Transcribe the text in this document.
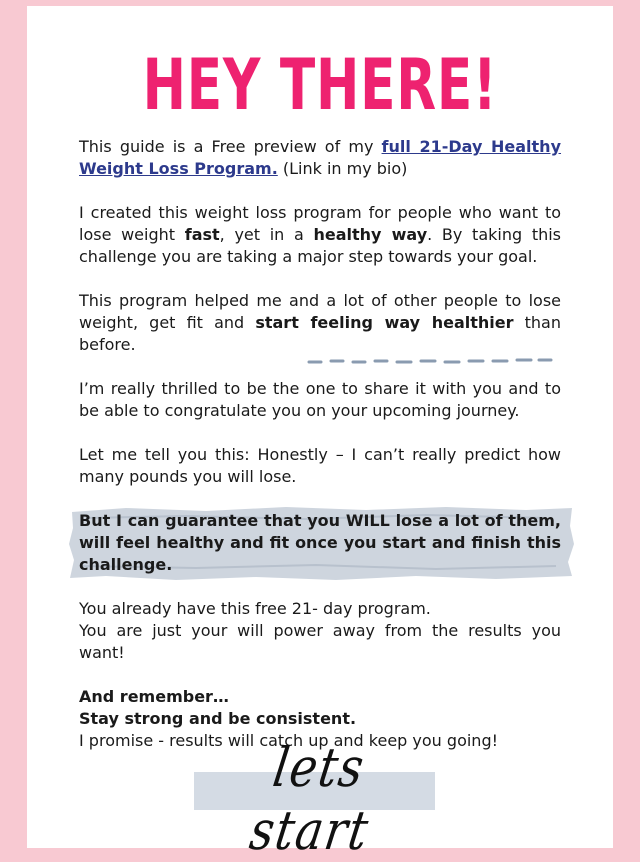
HEY THERE!

This guide is a Free preview of my full 21-Day Healthy Weight Loss Program. (Link in my bio)

I created this weight loss program for people who want to lose weight fast, yet in a healthy way. By taking this challenge you are taking a major step towards your goal.

This program helped me and a lot of other people to lose weight, get fit and start feeling way healthier than before.

I’m really thrilled to be the one to share it with you and to be able to congratulate you on your upcoming journey.

Let me tell you this: Honestly – I can’t really predict how many pounds you will lose.

But I can guarantee that you WILL lose a lot of them, will feel healthy and fit once you start and finish this challenge.

You already have this free 21- day program.
You are just your will power away from the results you want!

And remember…
Stay strong and be consistent.
I promise - results will catch up and keep you going!

lets start
